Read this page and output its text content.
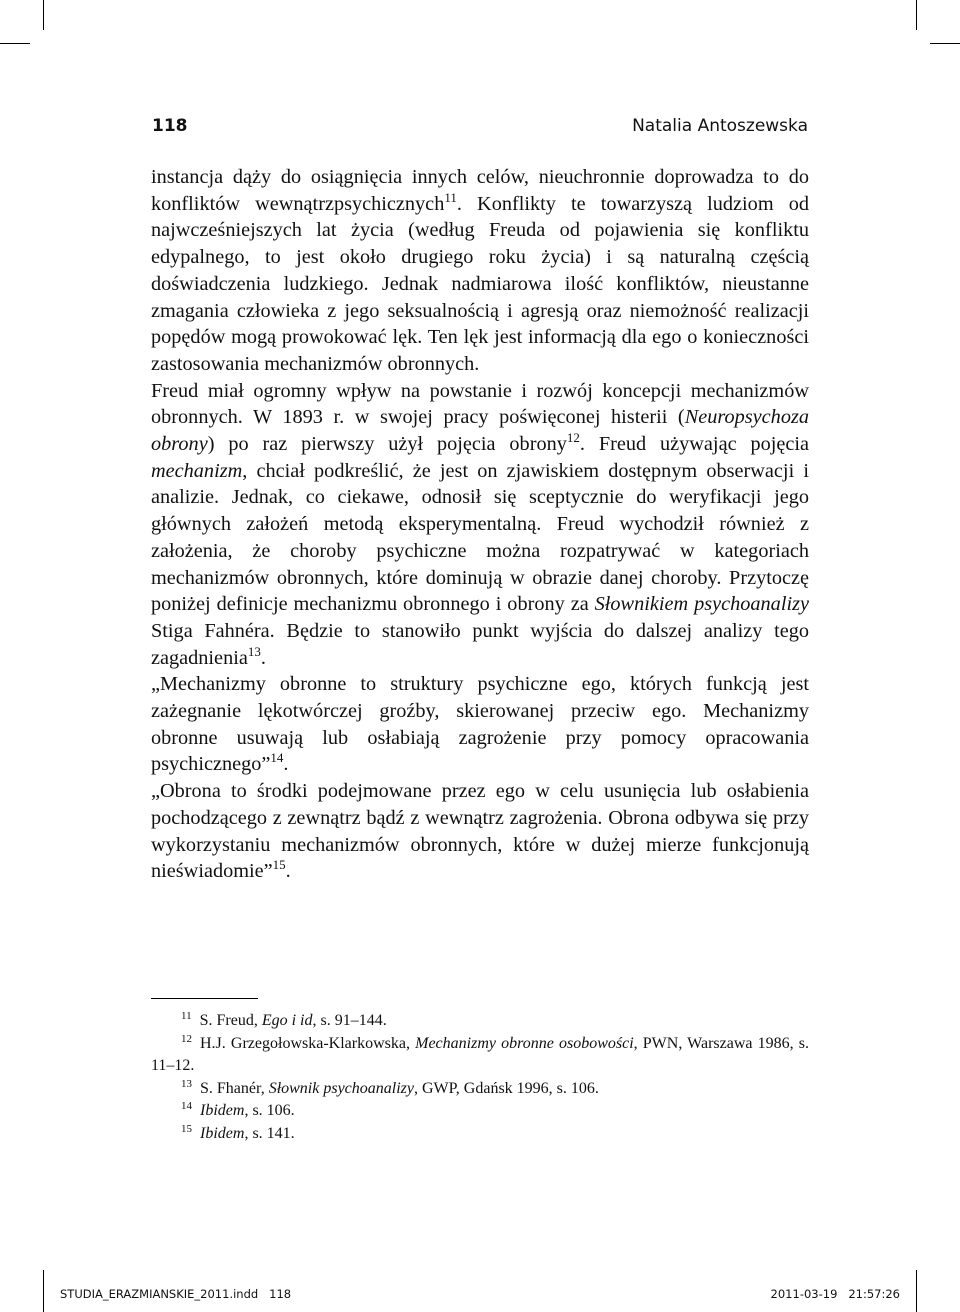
118	Natalia Antoszewska

instancja dąży do osiągnięcia innych celów, nieuchronnie doprowadza to do konfliktów wewnątrzpsychicznych$^{11}$. Konflikty te towarzyszą ludziom od najwcześniejszych lat życia (według Freuda od pojawienia się konfliktu edypalnego, to jest około drugiego roku życia) i są naturalną częścią doświadczenia ludzkiego. Jednak nadmiarowa ilość konfliktów, nieustanne zmagania człowieka z jego seksualnością i agresją oraz niemożność realizacji popędów mogą prowokować lęk. Ten lęk jest informacją dla ego o konieczności zastosowania mechanizmów obronnych.

Freud miał ogromny wpływ na powstanie i rozwój koncepcji mechanizmów obronnych. W 1893 r. w swojej pracy poświęconej histerii (Neuropsychoza obrony) po raz pierwszy użył pojęcia obrony$^{12}$. Freud używając pojęcia mechanizm, chciał podkreślić, że jest on zjawiskiem dostępnym obserwacji i analizie. Jednak, co ciekawe, odnosił się sceptycznie do weryfikacji jego głównych założeń metodą eksperymentalną. Freud wychodził również z założenia, że choroby psychiczne można rozpatrywać w kategoriach mechanizmów obronnych, które dominują w obrazie danej choroby. Przytoczę poniżej definicje mechanizmu obronnego i obrony za Słownikiem psychoanalizy Stiga Fahnéra. Będzie to stanowiło punkt wyjścia do dalszej analizy tego zagadnienia$^{13}$.

„Mechanizmy obronne to struktury psychiczne ego, których funkcją jest zażegnanie lękotwórczej groźby, skierowanej przeciw ego. Mechanizmy obronne usuwają lub osłabiają zagrożenie przy pomocy opracowania psychicznego”$^{14}$.

„Obrona to środki podejmowane przez ego w celu usunięcia lub osłabienia pochodzącego z zewnątrz bądź z wewnątrz zagrożenia. Obrona odbywa się przy wykorzystaniu mechanizmów obronnych, które w dużej mierze funkcjonują nieświadomie”$^{15}$.

$^{11}$ S. Freud, Ego i id, s. 91–144.

$^{12}$ H.J. Grzegołowska-Klarkowska, Mechanizmy obronne osobowości, PWN, Warszawa 1986, s. 11–12.

$^{13}$ S. Fhanér, Słownik psychoanalizy, GWP, Gdańsk 1996, s. 106.

$^{14}$ Ibidem, s. 106.

$^{15}$ Ibidem, s. 141.

STUDIA_ERAZMIANSKIE_2011.indd   118	2011-03-19   21:57:26
